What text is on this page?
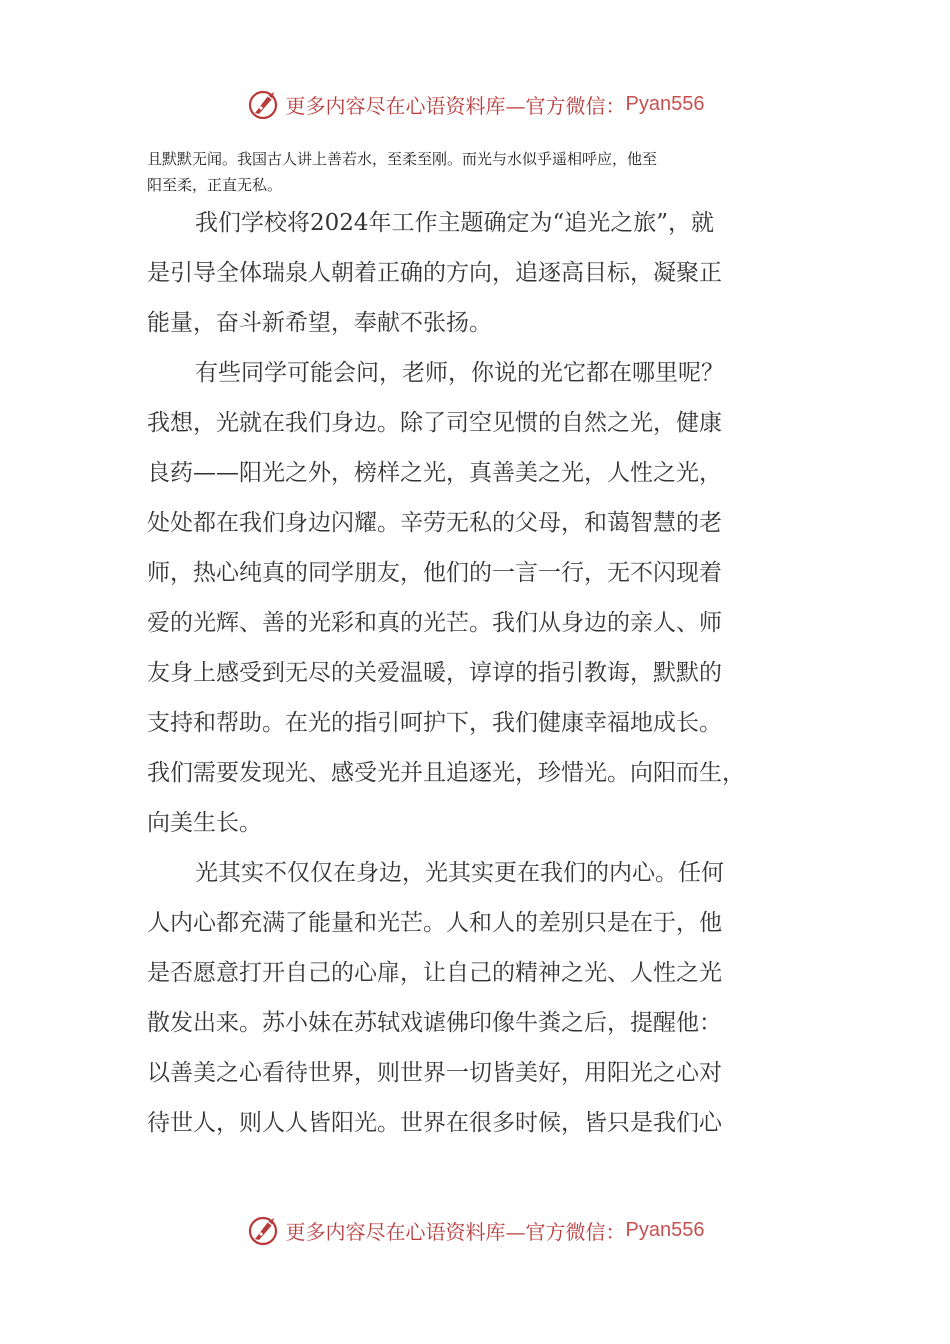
更多内容尽在心语资料库—官方微信： Pyan556
且默默无闻。我国古人讲上善若水，至柔至刚。而光与水似乎遥相呼应，他至
阳至柔，正直无私。
我们学校将2024年工作主题确定为“追光之旅”，就
是引导全体瑞泉人朝着正确的方向，追逐高目标，凝聚正
能量，奋斗新希望，奉献不张扬。
有些同学可能会问，老师，你说的光它都在哪里呢？
我想，光就在我们身边。除了司空见惯的自然之光，健康
良药——阳光之外，榜样之光，真善美之光，人性之光，
处处都在我们身边闪耀。辛劳无私的父母，和蔼智慧的老
师，热心纯真的同学朋友，他们的一言一行，无不闪现着
爱的光辉、善的光彩和真的光芒。我们从身边的亲人、师
友身上感受到无尽的关爱温暖，谆谆的指引教诲，默默的
支持和帮助。在光的指引呵护下，我们健康幸福地成长。
我们需要发现光、感受光并且追逐光，珍惜光。向阳而生，
向美生长。
光其实不仅仅在身边，光其实更在我们的内心。任何
人内心都充满了能量和光芒。人和人的差别只是在于，他
是否愿意打开自己的心扉，让自己的精神之光、人性之光
散发出来。苏小妹在苏轼戏谑佛印像牛粪之后，提醒他：
以善美之心看待世界，则世界一切皆美好，用阳光之心对
待世人，则人人皆阳光。世界在很多时候，皆只是我们心
更多内容尽在心语资料库—官方微信： Pyan556
